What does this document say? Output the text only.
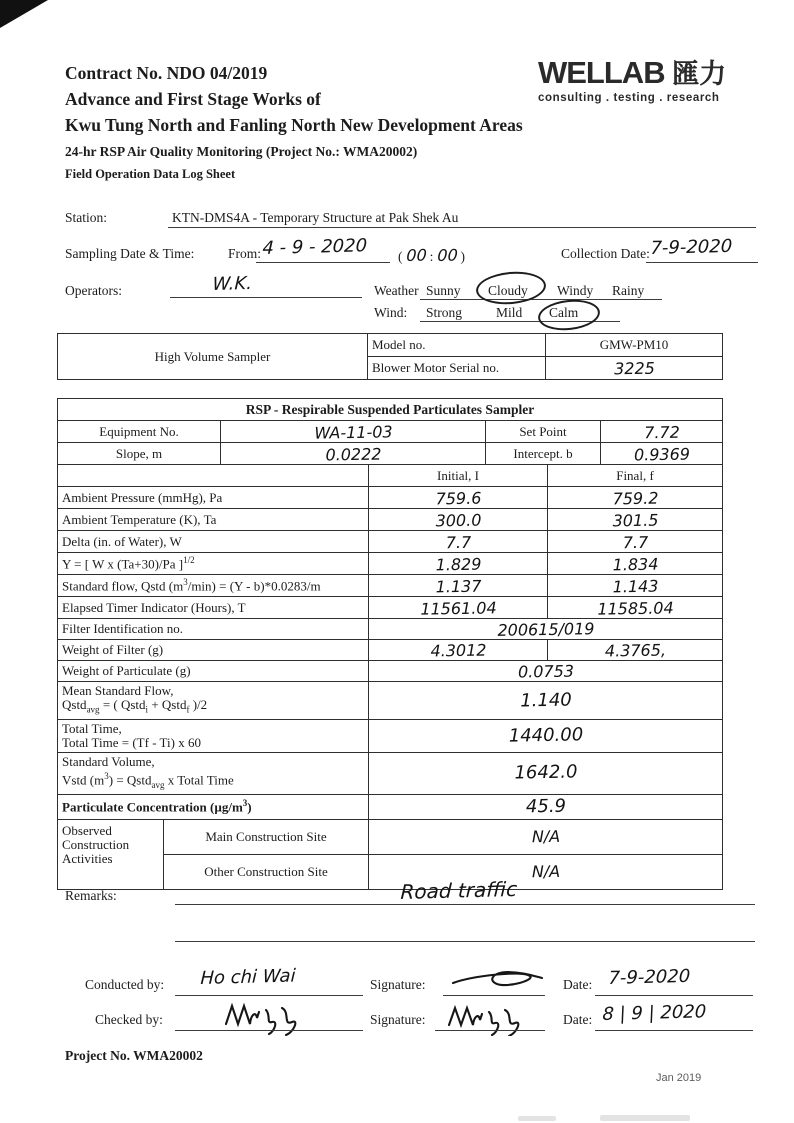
Contract No. NDO 04/2019
Advance and First Stage Works of
Kwu Tung North and Fanling North New Development Areas
24-hr RSP Air Quality Monitoring (Project No.: WMA20002)
Field Operation Data Log Sheet
WELLAB 匯力
consulting . testing . research
Station:	KTN-DMS4A - Temporary Structure at Pak Shek Au
Sampling Date & Time: From: 4 - 9 - 2020 ( 00 : 00 )	Collection Date: 7-9-2020
Operators:	W.K.	Weather Sunny Cloudy Windy Rainy
Wind: Strong	Mild Calm
High Volume Sampler	Model no.	GMW-PM10
	Blower Motor Serial no.	3225
RSP - Respirable Suspended Particulates Sampler						
Equipment No.		WA-11-03		Set Point		7.72
Slope, m		0.0222		Intercept. b		0.9369
			Initial, I		Final, f	
Ambient Pressure (mmHg), Pa			759.6		759.2	
Ambient Temperature (K), Ta			300.0		301.5	
Delta (in. of Water), W			7.7		7.7	
Y = [ W x (Ta+30)/Pa ]$^{1/2}$			1.829		1.834	
Standard flow, Qstd $(m^3/\min) = (Y - b)*0.0283/m$			1.137		1.143	
Elapsed Timer Indicator (Hours), T			11561.04		11585.04	
Filter Identification no.			200615/019			
Weight of Filter (g)			4.3012		4.3765,	
Weight of Particulate (g)			0.0753			

Mean Standard Flow,
Qstd$_{avg}$ = ( Qstd$_i$ + Qstd$_f$ )/2			1.140			

Total Time,
Total Time = (Tf - Ti) x 60			1440.00			

Standard Volume,
Vstd $(m^3)$ = Qstd$_{avg}$ x Total Time			1642.0			
Particulate Concentration $(\mu g/m^3)$			45.9			
Observed Construction Activities	Main Construction Site		N/A			
	Other Construction Site		N/A			
Remarks:	Road traffic
Conducted by: Ho chi Wai	Signature:	Date: 7-9-2020
Checked by:	Signature:	Date: 8 | 9 | 2020
Project No. WMA20002
Jan 2019
